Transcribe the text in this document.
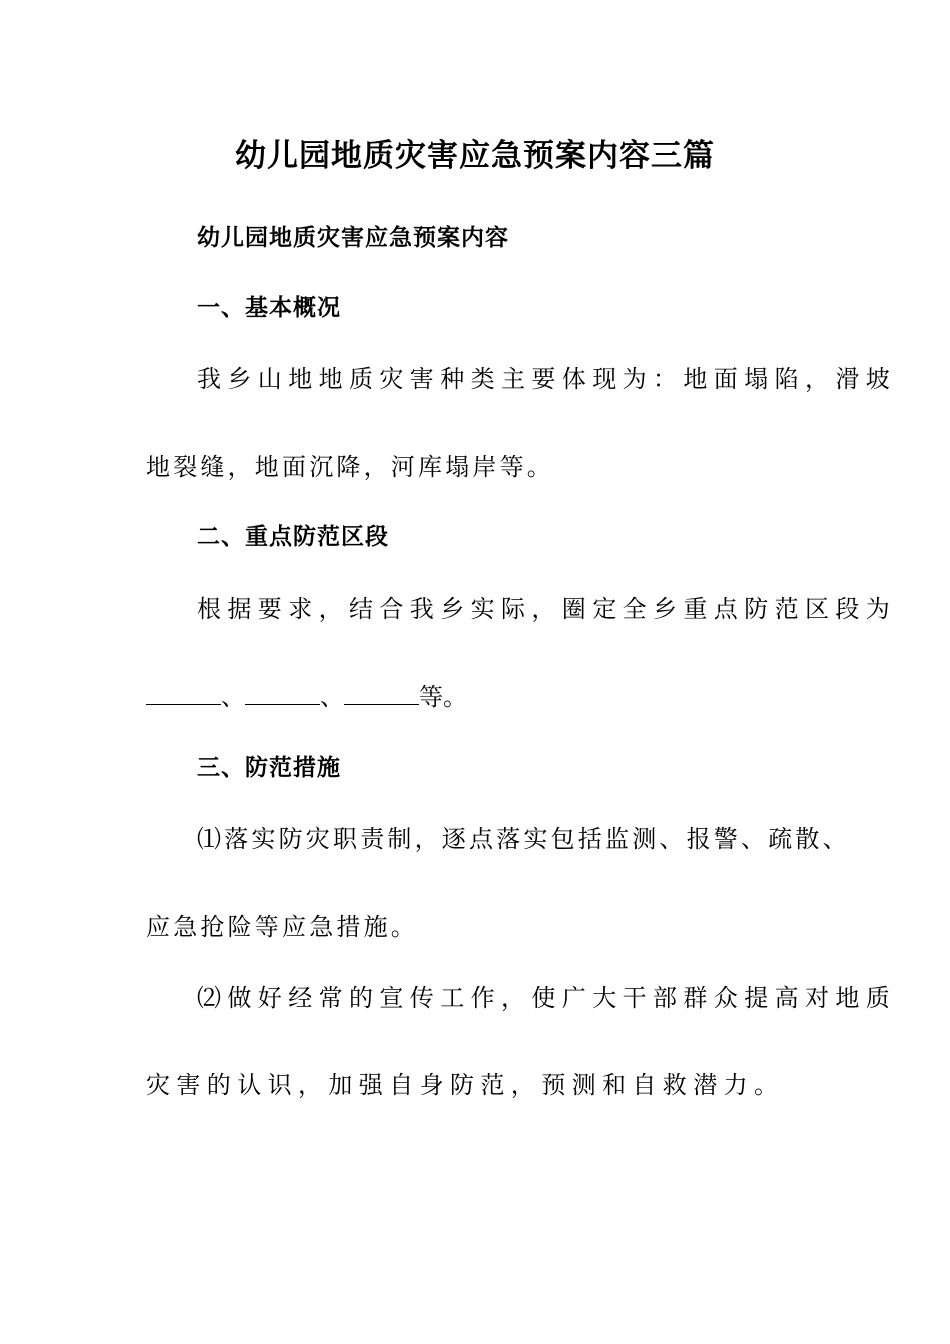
幼儿园地质灾害应急预案内容三篇
幼儿园地质灾害应急预案内容
一、基本概况
我乡山地地质灾害种类主要体现为：地面塌陷，滑坡
地裂缝，地面沉降，河库塌岸等。
二、重点防范区段
根据要求，结合我乡实际，圈定全乡重点防范区段为
、	、	等。
三、防范措施
⑴落实防灾职责制，逐点落实包括监测、报警、疏散、
应急抢险等应急措施。
⑵做好经常的宣传工作，使广大干部群众提高对地质
灾害的认识，加强自身防范，预测和自救潜力。
